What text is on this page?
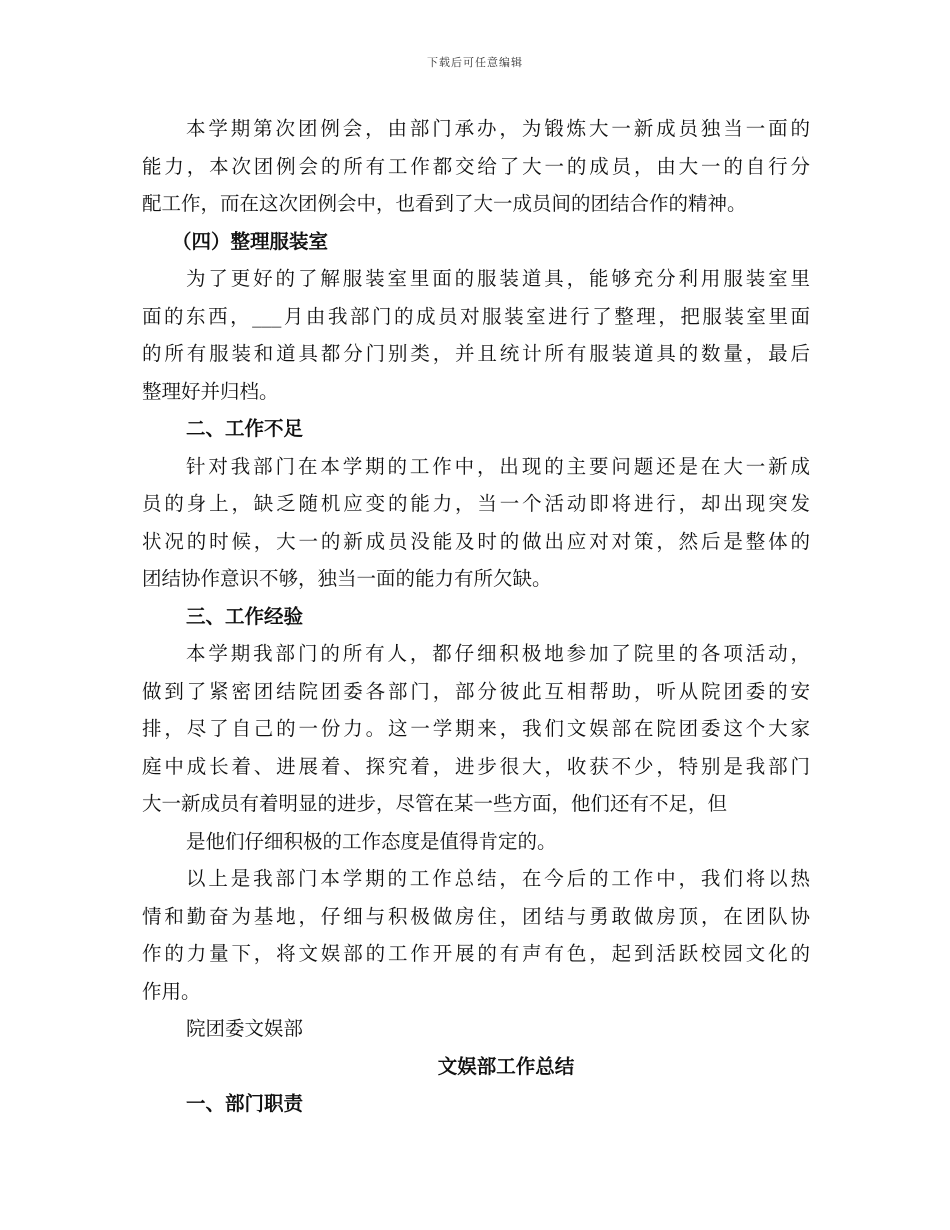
下载后可任意编辑
本学期第次团例会，由部门承办，为锻炼大一新成员独当一面的
能力，本次团例会的所有工作都交给了大一的成员，由大一的自行分
配工作，而在这次团例会中，也看到了大一成员间的团结合作的精神。
（四）整理服装室
为了更好的了解服装室里面的服装道具，能够充分利用服装室里
面的东西，___月由我部门的成员对服装室进行了整理，把服装室里面
的所有服装和道具都分门别类，并且统计所有服装道具的数量，最后
整理好并归档。
二、工作不足
针对我部门在本学期的工作中，出现的主要问题还是在大一新成
员的身上，缺乏随机应变的能力，当一个活动即将进行，却出现突发
状况的时候，大一的新成员没能及时的做出应对对策，然后是整体的
团结协作意识不够，独当一面的能力有所欠缺。
三、工作经验
本学期我部门的所有人，都仔细积极地参加了院里的各项活动，
做到了紧密团结院团委各部门，部分彼此互相帮助，听从院团委的安
排，尽了自己的一份力。这一学期来，我们文娱部在院团委这个大家
庭中成长着、进展着、探究着，进步很大，收获不少，特别是我部门
大一新成员有着明显的进步，尽管在某一些方面，他们还有不足，但
是他们仔细积极的工作态度是值得肯定的。
以上是我部门本学期的工作总结，在今后的工作中，我们将以热
情和勤奋为基地，仔细与积极做房住，团结与勇敢做房顶，在团队协
作的力量下，将文娱部的工作开展的有声有色，起到活跃校园文化的
作用。
院团委文娱部
文娱部工作总结
一、部门职责
